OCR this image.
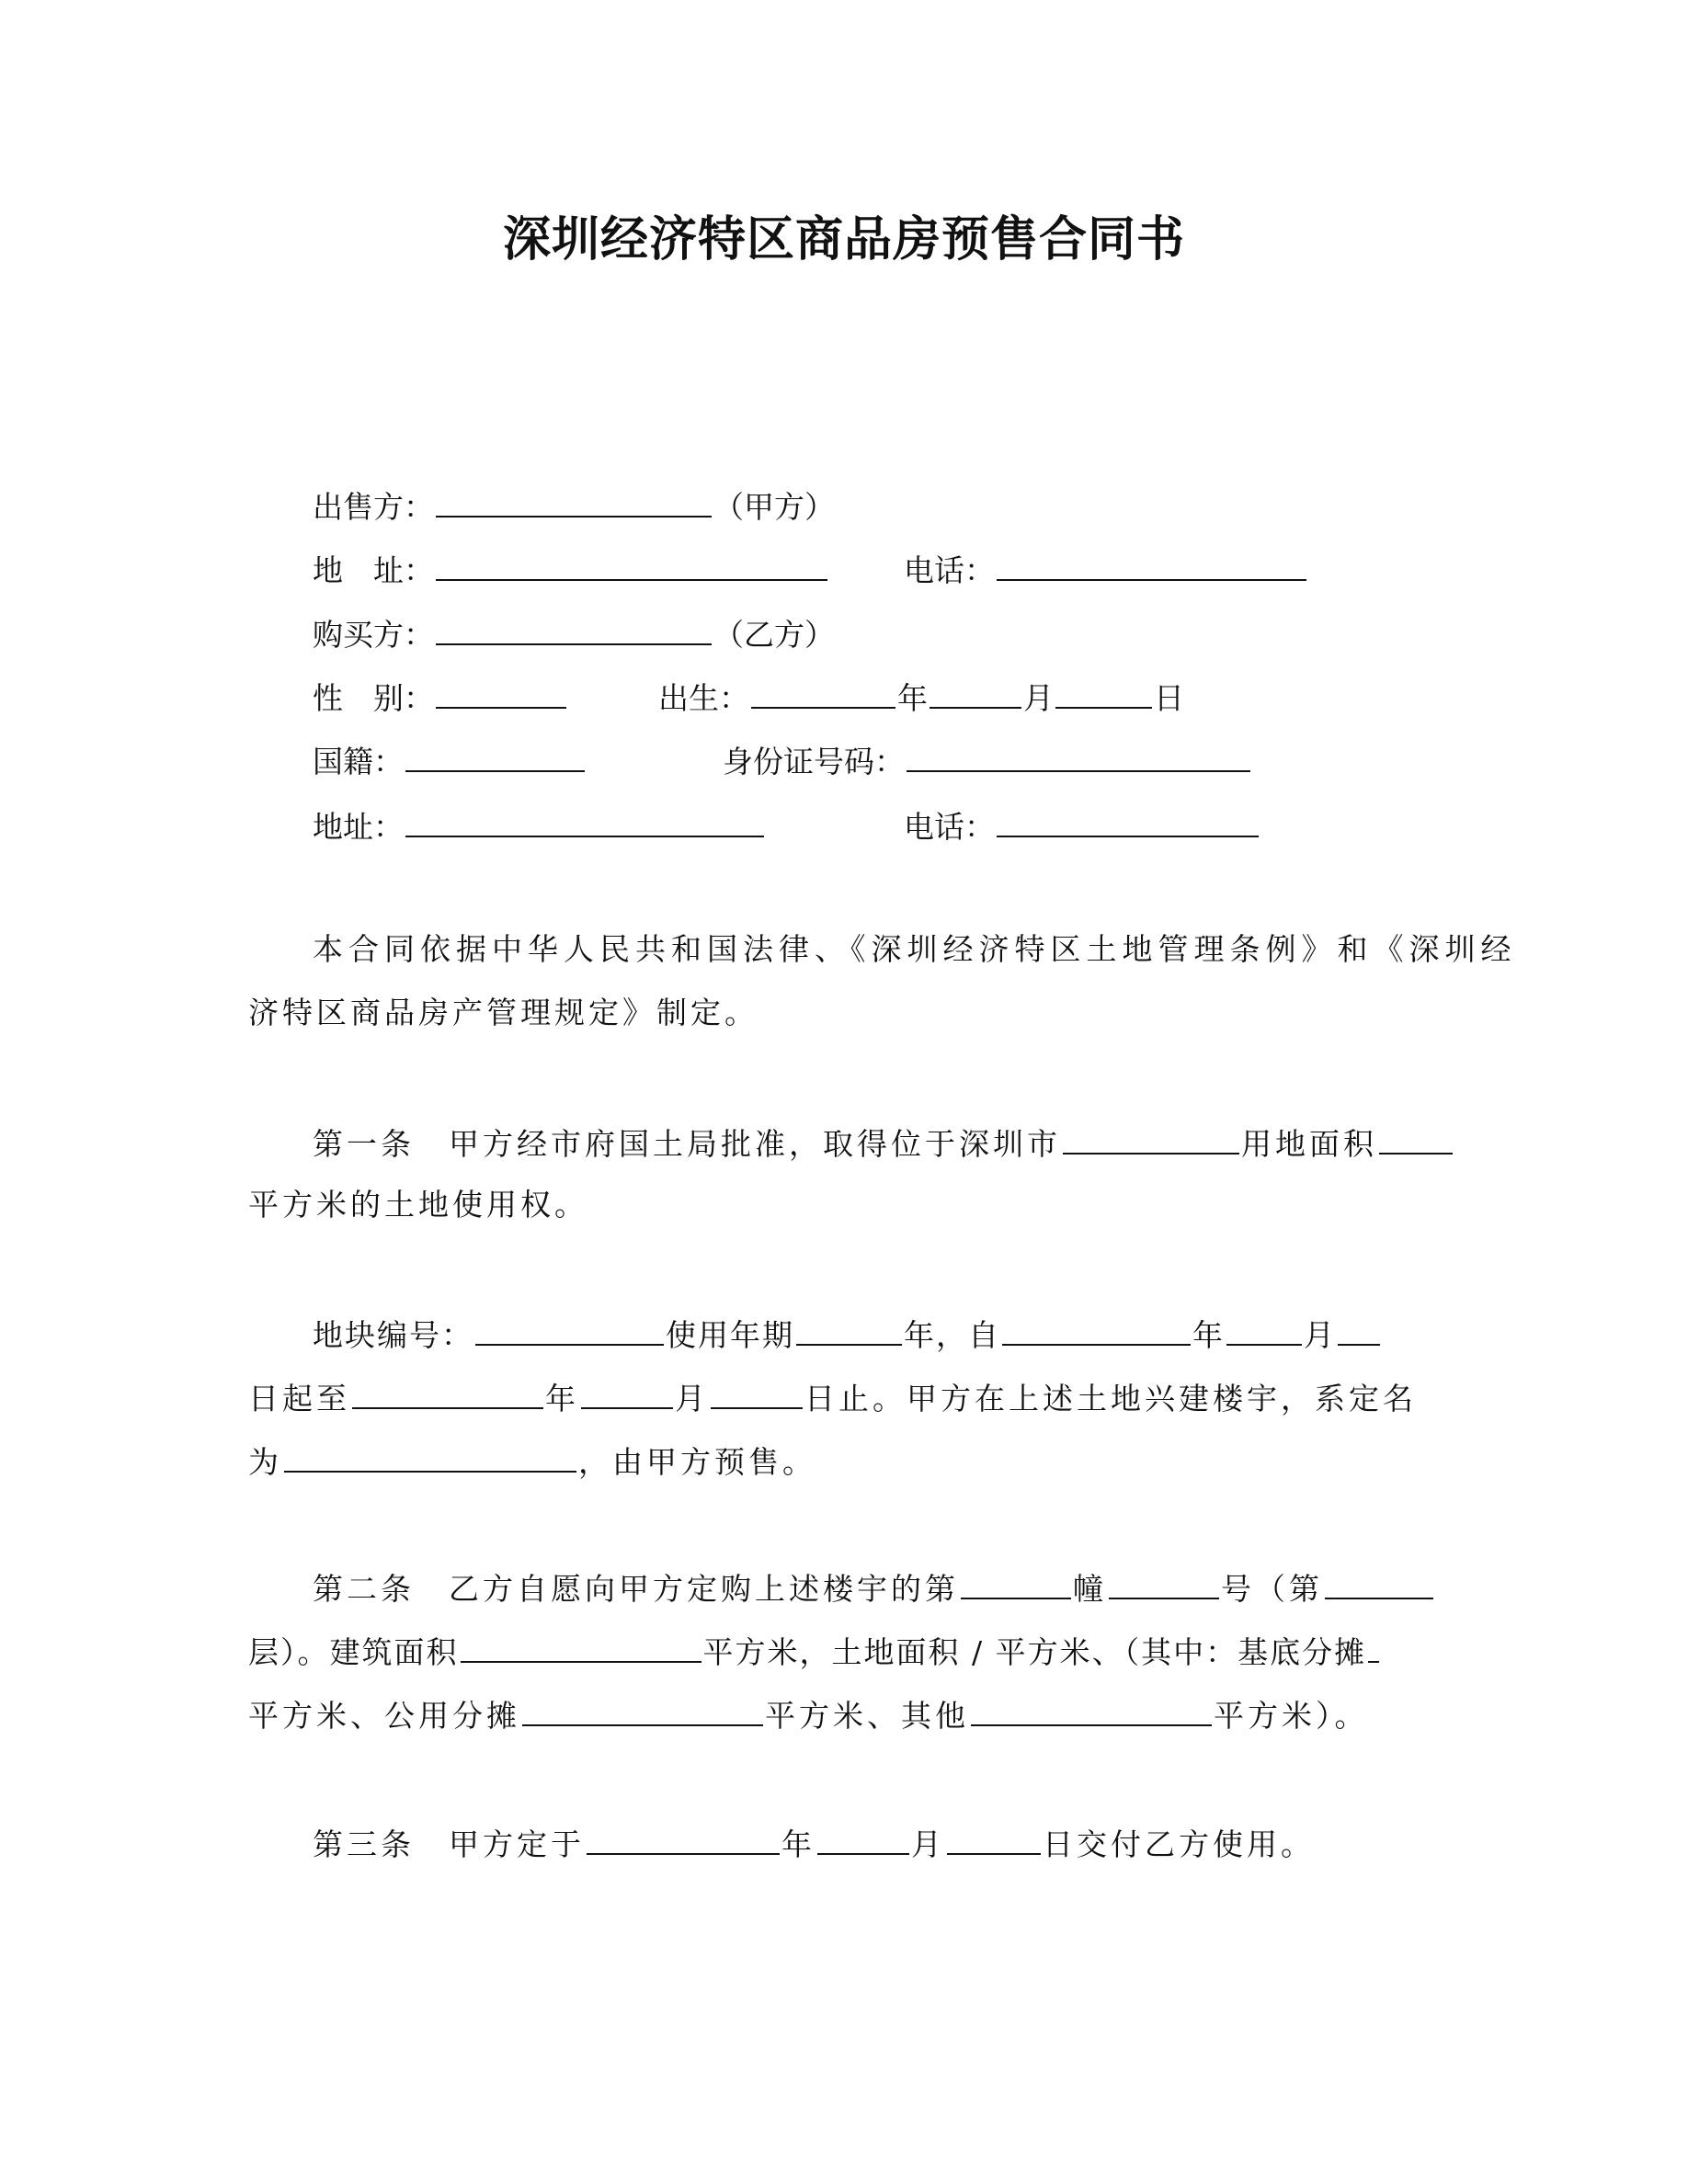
深圳经济特区商品房预售合同书
出售方：	（甲方）
地　址：	电话：
购买方：	（乙方）
性　别：	出生：	年	月	日
国籍：	身份证号码：
地址：	电话：
本合同依据中华人民共和国法律、《深圳经济特区土地管理条例》和《深圳经
济特区商品房产管理规定》制定。
第一条　甲方经市府国土局批准，取得位于深圳市	用地面积
平方米的土地使用权。
地块编号：	使用年期	年，自	年	月
日起至	年	月	日止。甲方在上述土地兴建楼宇，系定名
为	，由甲方预售。
第二条　乙方自愿向甲方定购上述楼宇的第	幢	号（第
层）。建筑面积	平方米，土地面积 / 平方米、（其中：基底分摊
平方米、公用分摊	平方米、其他	平方米）。
第三条　甲方定于	年	月	日交付乙方使用。
